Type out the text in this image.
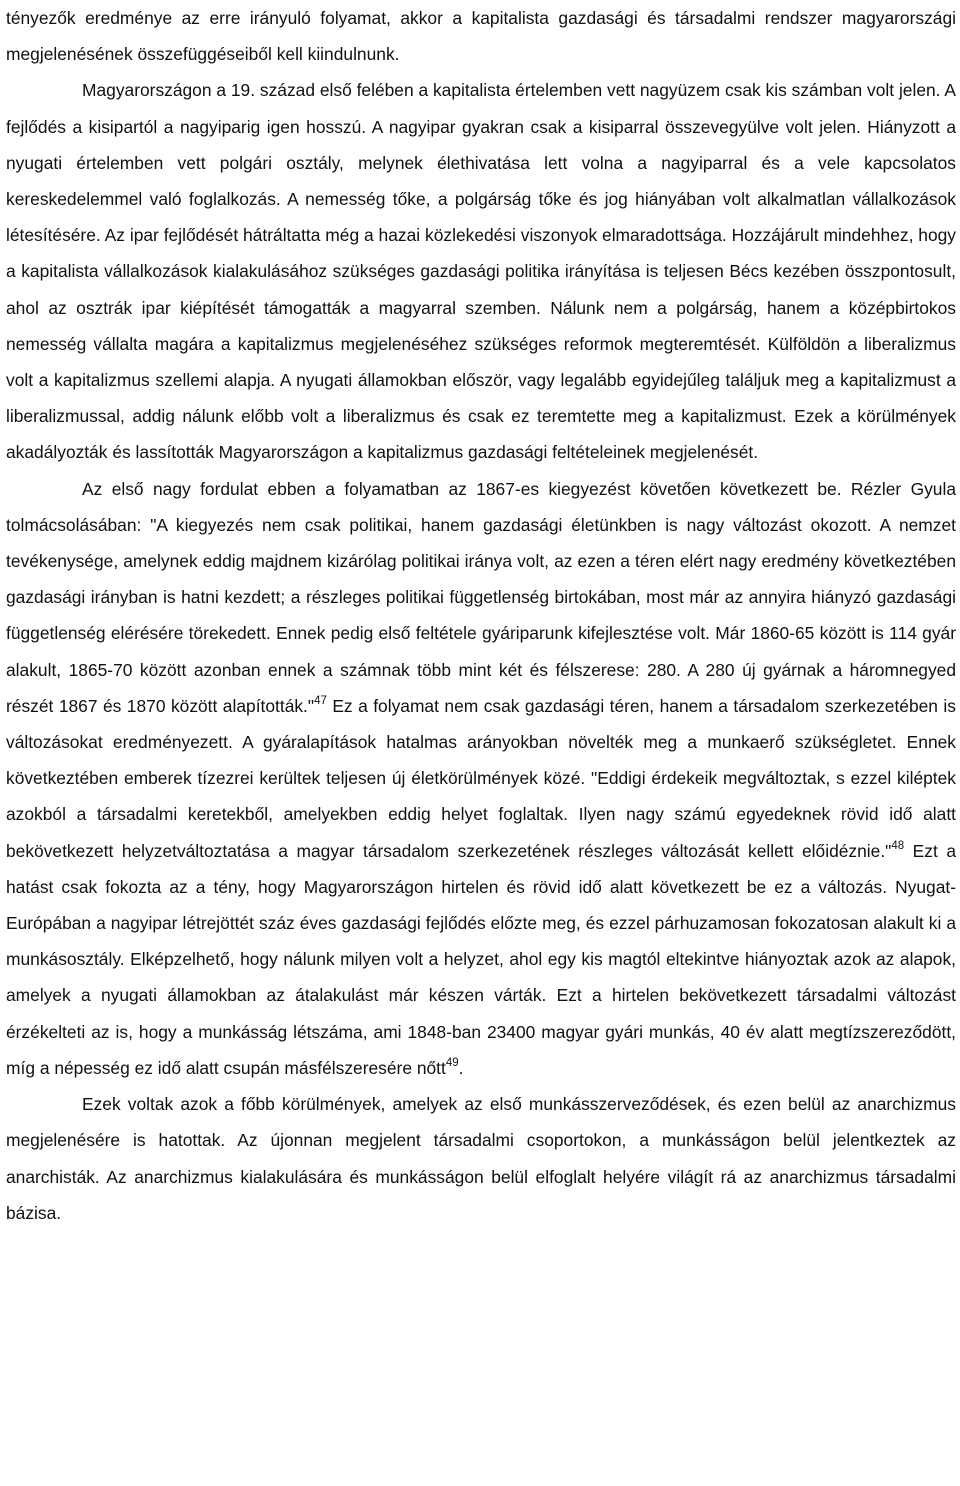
tényezők eredménye az erre irányuló folyamat, akkor a kapitalista gazdasági és társadalmi rendszer magyarországi megjelenésének összefüggéseiből kell kiindulnunk.

Magyarországon a 19. század első felében a kapitalista értelemben vett nagyüzem csak kis számban volt jelen. A fejlődés a kisipartól a nagyiparig igen hosszú. A nagyipar gyakran csak a kisiparral összevegyülve volt jelen. Hiányzott a nyugati értelemben vett polgári osztály, melynek élethivatása lett volna a nagyiparral és a vele kapcsolatos kereskedelemmel való foglalkozás. A nemesség tőke, a polgárság tőke és jog hiányában volt alkalmatlan vállalkozások létesítésére. Az ipar fejlődését hátráltatta még a hazai közlekedési viszonyok elmaradottsága. Hozzájárult mindehhez, hogy a kapitalista vállalkozások kialakulásához szükséges gazdasági politika irányítása is teljesen Bécs kezében összpontosult, ahol az osztrák ipar kiépítését támogatták a magyarral szemben. Nálunk nem a polgárság, hanem a középbirtokos nemesség vállalta magára a kapitalizmus megjelenéséhez szükséges reformok megteremtését. Külföldön a liberalizmus volt a kapitalizmus szellemi alapja. A nyugati államokban először, vagy legalább egyidejűleg találjuk meg a kapitalizmust a liberalizmussal, addig nálunk előbb volt a liberalizmus és csak ez teremtette meg a kapitalizmust. Ezek a körülmények akadályozták és lassították Magyarországon a kapitalizmus gazdasági feltételeinek megjelenését.

Az első nagy fordulat ebben a folyamatban az 1867-es kiegyezést követően következett be. Rézler Gyula tolmácsolásában: "A kiegyezés nem csak politikai, hanem gazdasági életünkben is nagy változást okozott. A nemzet tevékenysége, amelynek eddig majdnem kizárólag politikai iránya volt, az ezen a téren elért nagy eredmény következtében gazdasági irányban is hatni kezdett; a részleges politikai függetlenség birtokában, most már az annyira hiányzó gazdasági függetlenség elérésére törekedett. Ennek pedig első feltétele gyáriparunk kifejlesztése volt. Már 1860-65 között is 114 gyár alakult, 1865-70 között azonban ennek a számnak több mint két és félszerese: 280. A 280 új gyárnak a háromnegyed részét 1867 és 1870 között alapították."$^{47}$ Ez a folyamat nem csak gazdasági téren, hanem a társadalom szerkezetében is változásokat eredményezett. A gyáralapítások hatalmas arányokban növelték meg a munkaerő szükségletet. Ennek következtében emberek tízezrei kerültek teljesen új életkörülmények közé. "Eddigi érdekeik megváltoztak, s ezzel kiléptek azokból a társadalmi keretekből, amelyekben eddig helyet foglaltak. Ilyen nagy számú egyedeknek rövid idő alatt bekövetkezett helyzetváltoztatása a magyar társadalom szerkezetének részleges változását kellett előidéznie."$^{48}$ Ezt a hatást csak fokozta az a tény, hogy Magyarországon hirtelen és rövid idő alatt következett be ez a változás. Nyugat- Európában a nagyipar létrejöttét száz éves gazdasági fejlődés előzte meg, és ezzel párhuzamosan fokozatosan alakult ki a munkásosztály. Elképzelhető, hogy nálunk milyen volt a helyzet, ahol egy kis magtól eltekintve hiányoztak azok az alapok, amelyek a nyugati államokban az átalakulást már készen várták. Ezt a hirtelen bekövetkezett társadalmi változást érzékelteti az is, hogy a munkásság létszáma, ami 1848-ban 23400 magyar gyári munkás, 40 év alatt megtízszereződött, míg a népesség ez idő alatt csupán másfélszeresére nőtt$^{49}$.

Ezek voltak azok a főbb körülmények, amelyek az első munkásszerveződések, és ezen belül az anarchizmus megjelenésére is hatottak. Az újonnan megjelent társadalmi csoportokon, a munkásságon belül jelentkeztek az anarchisták. Az anarchizmus kialakulására és munkásságon belül elfoglalt helyére világít rá az anarchizmus társadalmi bázisa.
